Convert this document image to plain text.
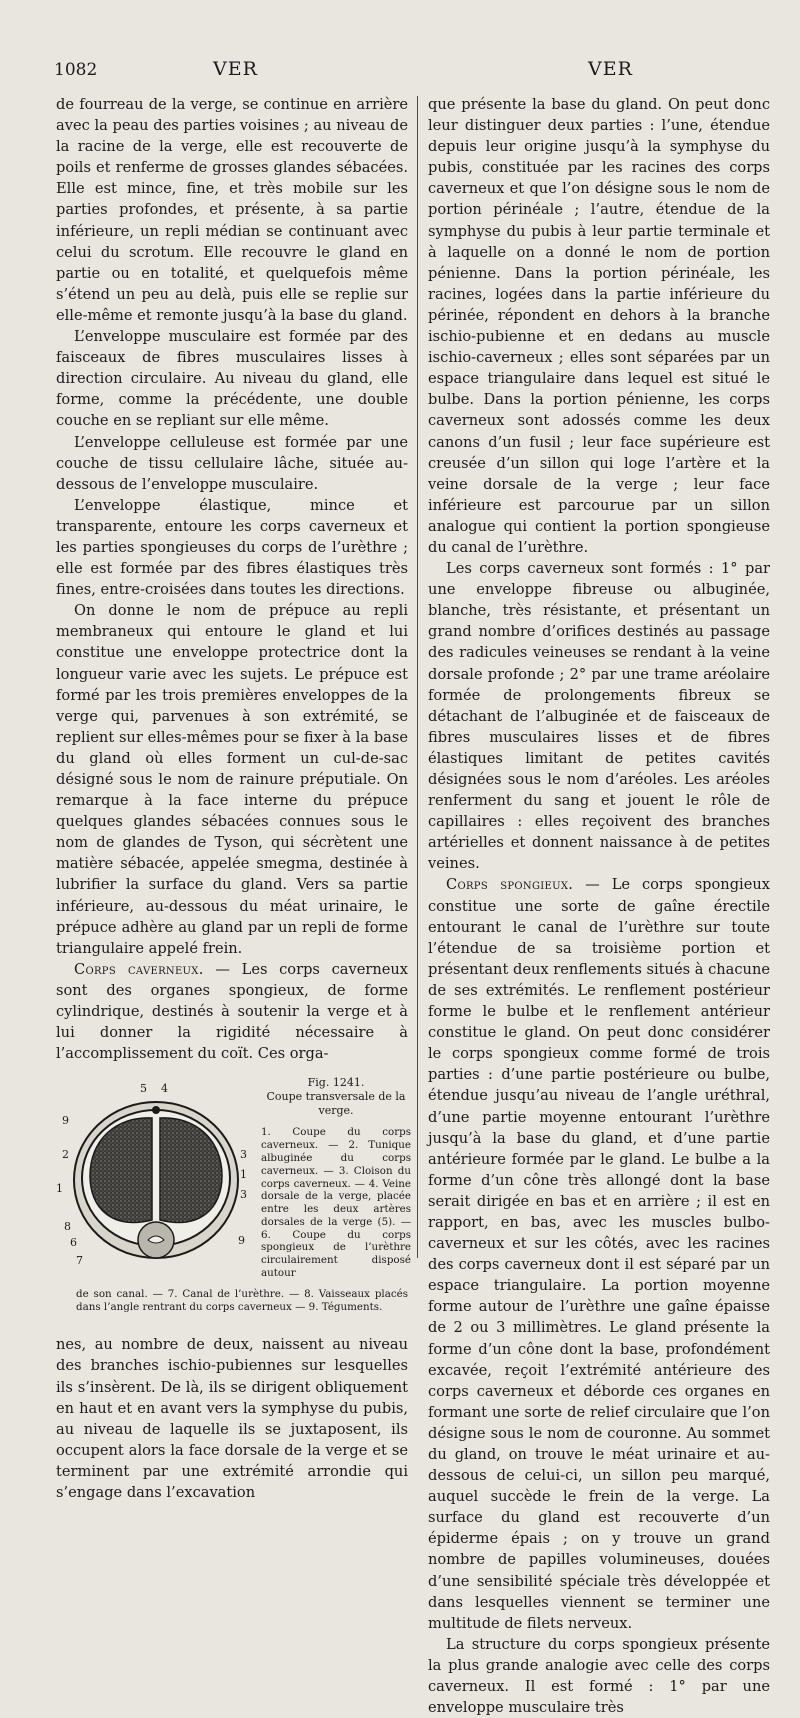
1082	VER	VER

de fourreau de la verge, se continue en arrière avec la peau des parties voisines ; au niveau de la racine de la verge, elle est recouverte de poils et renferme de grosses glandes sébacées. Elle est mince, fine, et très mobile sur les parties profondes, et présente, à sa partie inférieure, un repli médian se continuant avec celui du scrotum. Elle recouvre le gland en partie ou en totalité, et quelquefois même s’étend un peu au delà, puis elle se replie sur elle-même et remonte jusqu’à la base du gland.

L’enveloppe musculaire est formée par des faisceaux de fibres musculaires lisses à direction circulaire. Au niveau du gland, elle forme, comme la précédente, une double couche en se repliant sur elle même.

L’enveloppe celluleuse est formée par une couche de tissu cellulaire lâche, située au-dessous de l’enveloppe musculaire.

L’enveloppe élastique, mince et transparente, entoure les corps caverneux et les parties spongieuses du corps de l’urèthre ; elle est formée par des fibres élastiques très fines, entre-croisées dans toutes les directions.

On donne le nom de prépuce au repli membraneux qui entoure le gland et lui constitue une enveloppe protectrice dont la longueur varie avec les sujets. Le prépuce est formé par les trois premières enveloppes de la verge qui, parvenues à son extrémité, se replient sur elles-mêmes pour se fixer à la base du gland où elles forment un cul-de-sac désigné sous le nom de rainure préputiale. On remarque à la face interne du prépuce quelques glandes sébacées connues sous le nom de glandes de Tyson, qui sécrètent une matière sébacée, appelée smegma, destinée à lubrifier la surface du gland. Vers sa partie inférieure, au-dessous du méat urinaire, le prépuce adhère au gland par un repli de forme triangulaire appelé frein.

Corps caverneux. — Les corps caverneux sont des organes spongieux, de forme cylindrique, destinés à soutenir la verge et à lui donner la rigidité nécessaire à l’accomplissement du coït. Ces orga-

5 4
9
2	3
1
3
1
8
6
7
9
Fig. 1241.
Coupe transversale de la verge.
1. Coupe du corps caverneux. — 2. Tunique albuginée du corps caverneux. — 3. Cloison du corps caverneux. — 4. Veine dorsale de la verge, placée entre les deux artères dorsales de la verge (5). — 6. Coupe du corps spongieux de l’urèthre circulairement disposé autour
de son canal. — 7. Canal de l’urèthre. — 8. Vaisseaux placés dans l’angle rentrant du corps caverneux — 9. Téguments.

nes, au nombre de deux, naissent au niveau des branches ischio-pubiennes sur lesquelles ils s’insèrent. De là, ils se dirigent obliquement en haut et en avant vers la symphyse du pubis, au niveau de laquelle ils se juxtaposent, ils occupent alors la face dorsale de la verge et se terminent par une extrémité arrondie qui s’engage dans l’excavation

que présente la base du gland. On peut donc leur distinguer deux parties : l’une, étendue depuis leur origine jusqu’à la symphyse du pubis, constituée par les racines des corps caverneux et que l’on désigne sous le nom de portion périnéale ; l’autre, étendue de la symphyse du pubis à leur partie terminale et à laquelle on a donné le nom de portion pénienne. Dans la portion périnéale, les racines, logées dans la partie inférieure du périnée, répondent en dehors à la branche ischio-pubienne et en dedans au muscle ischio-caverneux ; elles sont séparées par un espace triangulaire dans lequel est situé le bulbe. Dans la portion pénienne, les corps caverneux sont adossés comme les deux canons d’un fusil ; leur face supérieure est creusée d’un sillon qui loge l’artère et la veine dorsale de la verge ; leur face inférieure est parcourue par un sillon analogue qui contient la portion spongieuse du canal de l’urèthre.

Les corps caverneux sont formés : 1° par une enveloppe fibreuse ou albuginée, blanche, très résistante, et présentant un grand nombre d’orifices destinés au passage des radicules veineuses se rendant à la veine dorsale profonde ; 2° par une trame aréolaire formée de prolongements fibreux se détachant de l’albuginée et de faisceaux de fibres musculaires lisses et de fibres élastiques limitant de petites cavités désignées sous le nom d’aréoles. Les aréoles renferment du sang et jouent le rôle de capillaires : elles reçoivent des branches artérielles et donnent naissance à de petites veines.

Corps spongieux. — Le corps spongieux constitue une sorte de gaîne érectile entourant le canal de l’urèthre sur toute l’étendue de sa troisième portion et présentant deux renflements situés à chacune de ses extrémités. Le renflement postérieur forme le bulbe et le renflement antérieur constitue le gland. On peut donc considérer le corps spongieux comme formé de trois parties : d’une partie postérieure ou bulbe, étendue jusqu’au niveau de l’angle uréthral, d’une partie moyenne entourant l’urèthre jusqu’à la base du gland, et d’une partie antérieure formée par le gland. Le bulbe a la forme d’un cône très allongé dont la base serait dirigée en bas et en arrière ; il est en rapport, en bas, avec les muscles bulbo-caverneux et sur les côtés, avec les racines des corps caverneux dont il est séparé par un espace triangulaire. La portion moyenne forme autour de l’urèthre une gaîne épaisse de 2 ou 3 millimètres. Le gland présente la forme d’un cône dont la base, profondément excavée, reçoit l’extrémité antérieure des corps caverneux et déborde ces organes en formant une sorte de relief circulaire que l’on désigne sous le nom de couronne. Au sommet du gland, on trouve le méat urinaire et au-dessous de celui-ci, un sillon peu marqué, auquel succède le frein de la verge. La surface du gland est recouverte d’un épiderme épais ; on y trouve un grand nombre de papilles volumineuses, douées d’une sensibilité spéciale très développée et dans lesquelles viennent se terminer une multitude de filets nerveux.

La structure du corps spongieux présente la plus grande analogie avec celle des corps caverneux. Il est formé : 1° par une enveloppe musculaire très
